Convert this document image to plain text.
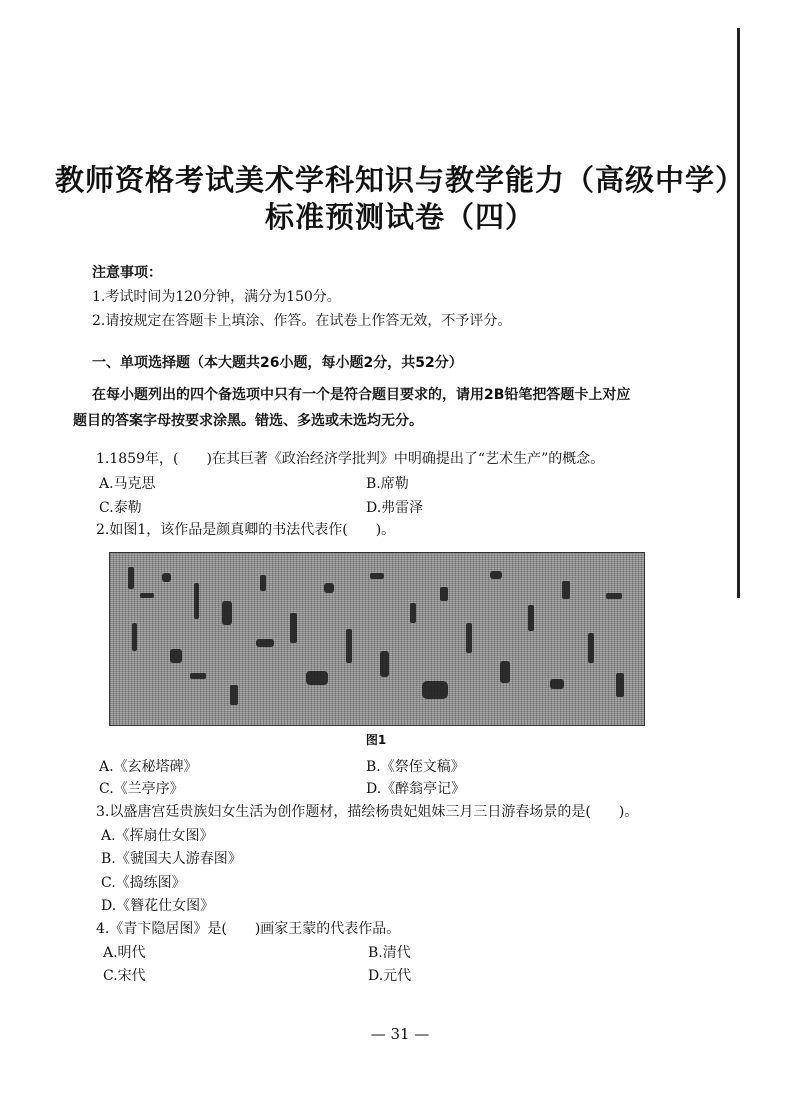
教师资格考试美术学科知识与教学能力（高级中学）
标准预测试卷（四）
注意事项：
1.考试时间为120分钟，满分为150分。
2.请按规定在答题卡上填涂、作答。在试卷上作答无效，不予评分。
一、单项选择题（本大题共26小题，每小题2分，共52分）
在每小题列出的四个备选项中只有一个是符合题目要求的，请用2B铅笔把答题卡上对应
题目的答案字母按要求涂黑。错选、多选或未选均无分。
1.1859年，(　　)在其巨著《政治经济学批判》中明确提出了“艺术生产”的概念。
A.马克思	B.席勒
C.泰勒	D.弗雷泽
2.如图1，该作品是颜真卿的书法代表作(　　)。
图1
A.《玄秘塔碑》	B.《祭侄文稿》
C.《兰亭序》	D.《醉翁亭记》
3.以盛唐宫廷贵族妇女生活为创作题材，描绘杨贵妃姐妹三月三日游春场景的是(　　)。
A.《挥扇仕女图》
B.《虢国夫人游春图》
C.《捣练图》
D.《簪花仕女图》
4.《青卞隐居图》是(　　)画家王蒙的代表作品。
A.明代	B.清代
C.宋代	D.元代
— 31 —
